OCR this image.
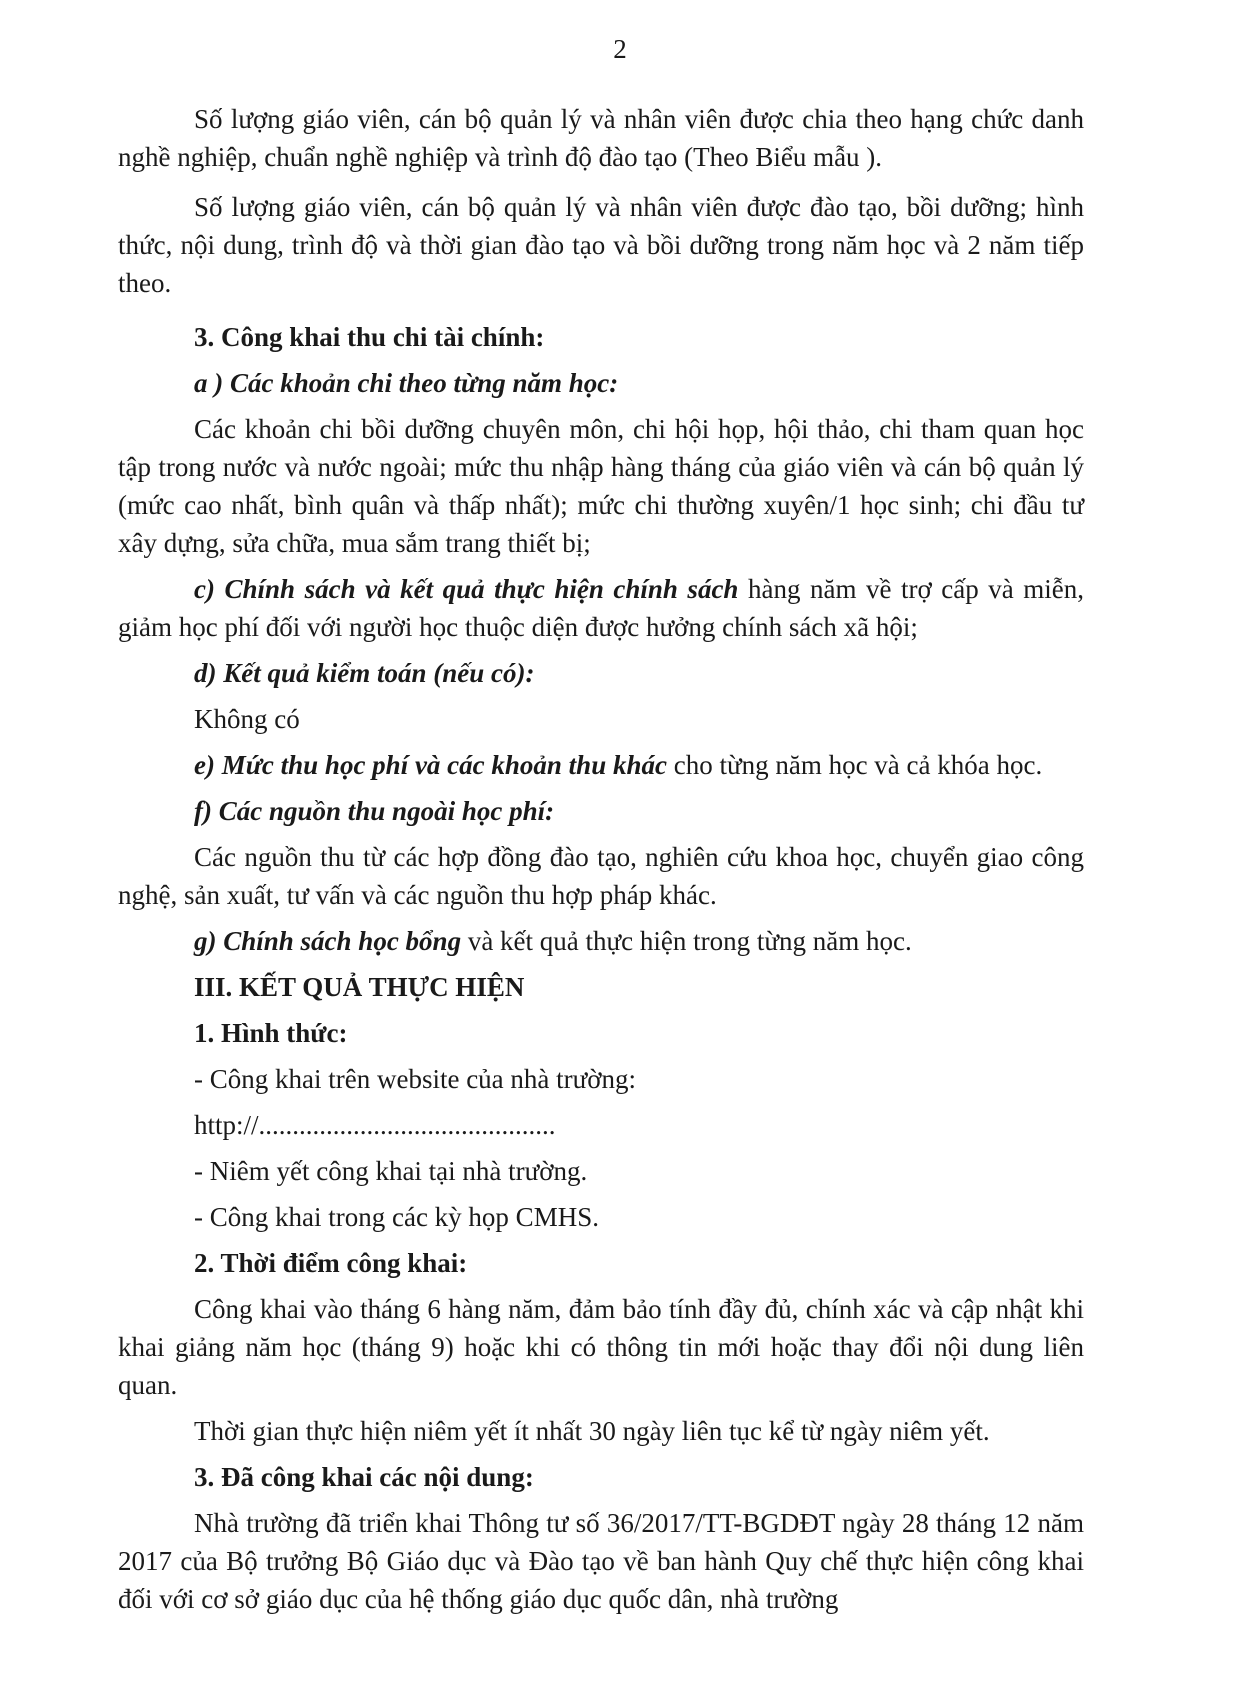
2

Số lượng giáo viên, cán bộ quản lý và nhân viên được chia theo hạng chức danh nghề nghiệp, chuẩn nghề nghiệp và trình độ đào tạo (Theo Biểu mẫu ).

Số lượng giáo viên, cán bộ quản lý và nhân viên được đào tạo, bồi dưỡng; hình thức, nội dung, trình độ và thời gian đào tạo và bồi dưỡng trong năm học và 2 năm tiếp theo.

3. Công khai thu chi tài chính:

a ) Các khoản chi theo từng năm học:

Các khoản chi bồi dưỡng chuyên môn, chi hội họp, hội thảo, chi tham quan học tập trong nước và nước ngoài; mức thu nhập hàng tháng của giáo viên và cán bộ quản lý (mức cao nhất, bình quân và thấp nhất); mức chi thường xuyên/1 học sinh; chi đầu tư xây dựng, sửa chữa, mua sắm trang thiết bị;

c) Chính sách và kết quả thực hiện chính sách hàng năm về trợ cấp và miễn, giảm học phí đối với người học thuộc diện được hưởng chính sách xã hội;

d) Kết quả kiểm toán (nếu có):

Không có

e) Mức thu học phí và các khoản thu khác cho từng năm học và cả khóa học.

f) Các nguồn thu ngoài học phí:

Các nguồn thu từ các hợp đồng đào tạo, nghiên cứu khoa học, chuyển giao công nghệ, sản xuất, tư vấn và các nguồn thu hợp pháp khác.

g) Chính sách học bổng và kết quả thực hiện trong từng năm học.

III. KẾT QUẢ THỰC HIỆN

1. Hình thức:

- Công khai trên website của nhà trường:

http://............................................

- Niêm yết công khai tại nhà trường.

- Công khai trong các kỳ họp CMHS.

2. Thời điểm công khai:

Công khai vào tháng 6 hàng năm, đảm bảo tính đầy đủ, chính xác và cập nhật khi khai giảng năm học (tháng 9) hoặc khi có thông tin mới hoặc thay đổi nội dung liên quan.

Thời gian thực hiện niêm yết ít nhất 30 ngày liên tục kể từ ngày niêm yết.

3. Đã công khai các nội dung:

Nhà trường đã triển khai Thông tư số 36/2017/TT-BGDĐT ngày 28 tháng 12 năm 2017 của Bộ trưởng Bộ Giáo dục và Đào tạo về ban hành Quy chế thực hiện công khai đối với cơ sở giáo dục của hệ thống giáo dục quốc dân, nhà trường
